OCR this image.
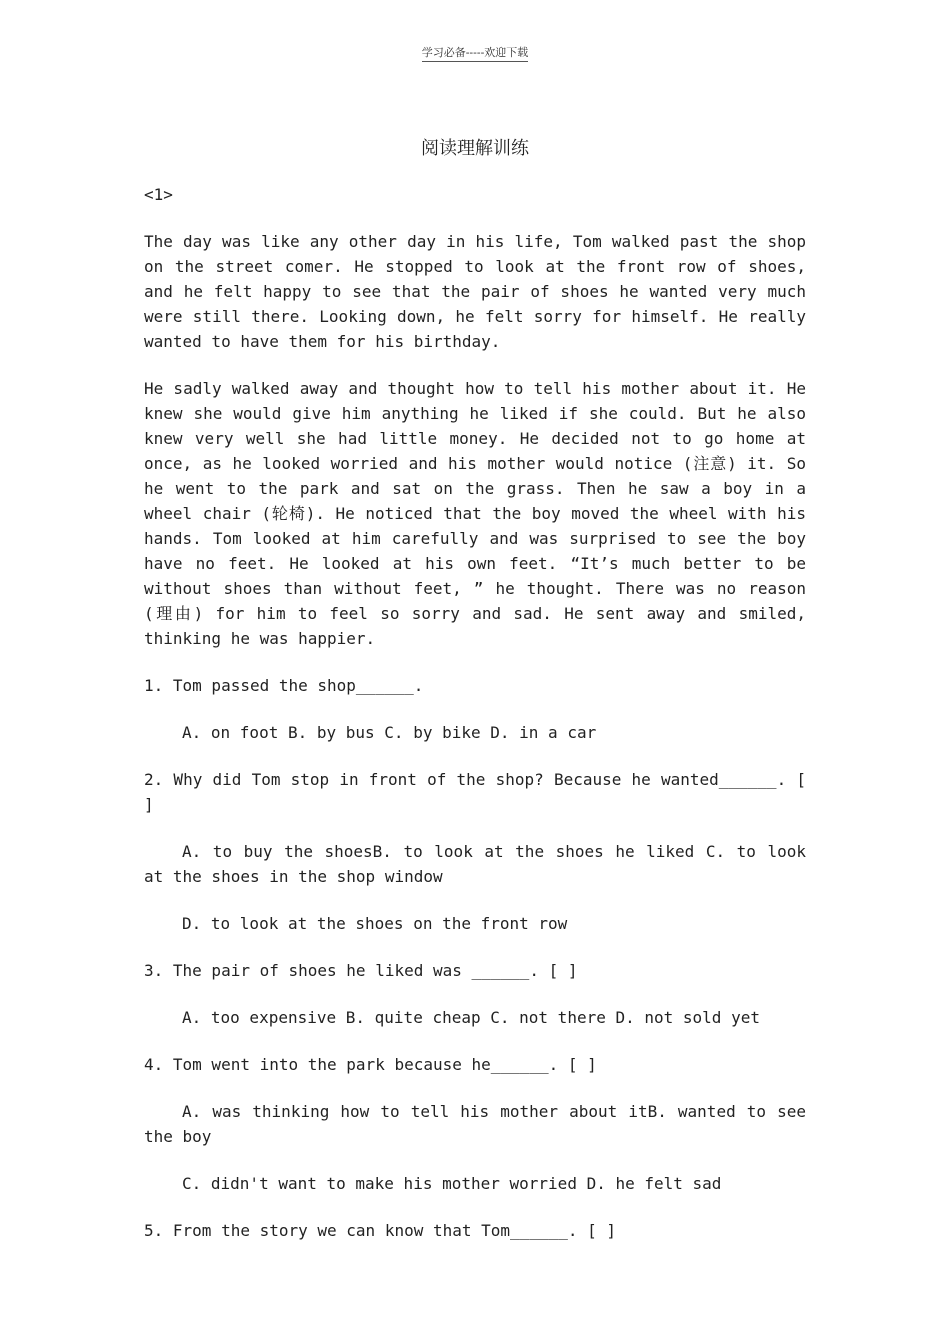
学习必备-----欢迎下载
阅读理解训练
<1>
The day was like any other day in his life, Tom walked past the shop on the street comer. He stopped to look at the front row of shoes, and he felt happy to see that the pair of shoes he wanted very much were still there. Looking down, he felt sorry for himself. He really wanted to have them for his birthday.
He sadly walked away and thought how to tell his mother about it. He knew she would give him anything he liked if she could. But he also knew very well she had little money. He decided not to go home at once, as he looked worried and his mother would notice (注意) it. So he went to the park and sat on the grass. Then he saw a boy in a wheel chair (轮椅). He noticed that the boy moved the wheel with his hands. Tom looked at him carefully and was surprised to see the boy have no feet. He looked at his own feet. “It’s much better to be without shoes than without feet, ” he thought. There was no reason (理由) for him to feel so sorry and sad. He sent away and smiled, thinking he was happier.
1. Tom passed the shop______.
A. on foot B. by bus C. by bike D. in a car
2. Why did Tom stop in front of the shop? Because he wanted______. [ ]
A. to buy the shoesB. to look at the shoes he liked C. to look at the shoes in the shop window
D. to look at the shoes on the front row
3. The pair of shoes he liked was ______. [ ]
A. too expensive B. quite cheap C. not there D. not sold yet
4. Tom went into the park because he______. [ ]
A. was thinking how to tell his mother about itB. wanted to see the boy
C. didn't want to make his mother worried D. he felt sad
5. From the story we can know that Tom______. [ ]
